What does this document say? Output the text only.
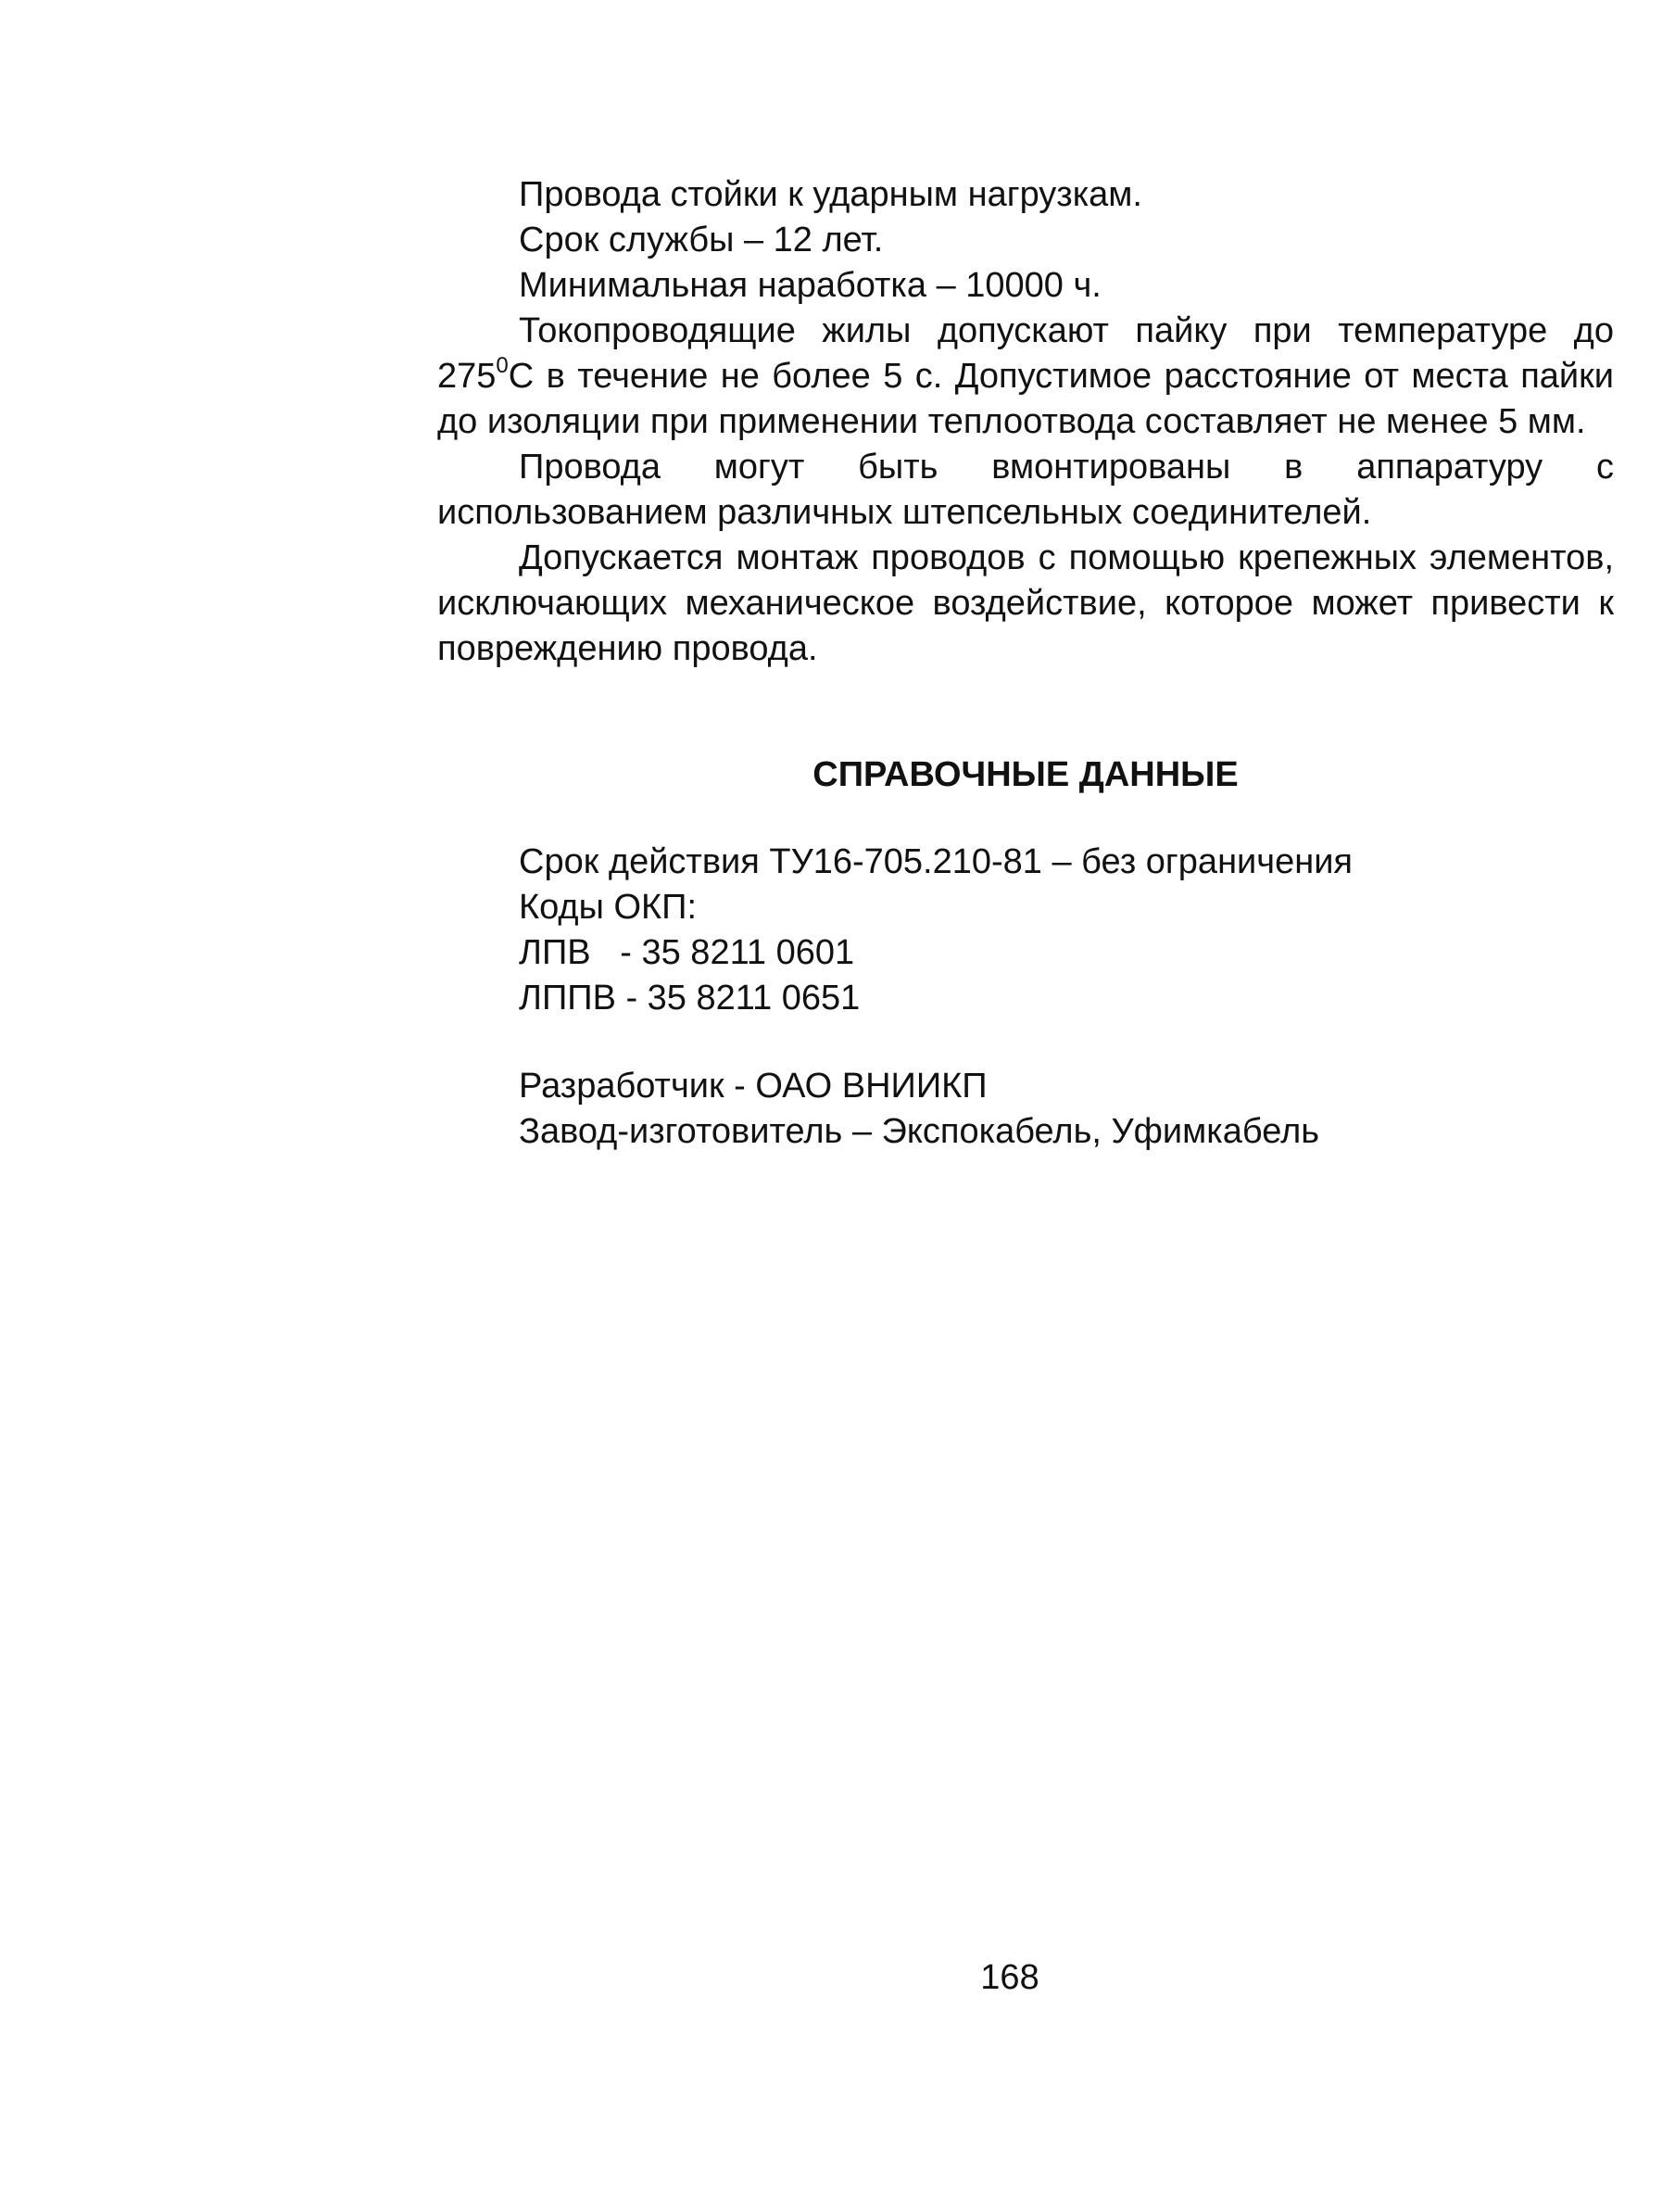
Провода стойки к ударным нагрузкам.

Срок службы – 12 лет.

Минимальная наработка – 10000 ч.

Токопроводящие жилы допускают пайку при температуре до $275^0С$ в течение не более 5 с. Допустимое расстояние от места пайки до изоляции при применении теплоотвода составляет не менее 5 мм.

Провода могут быть вмонтированы в аппаратуру с использованием различных штепсельных соединителей.

Допускается монтаж проводов с помощью крепежных элементов, исключающих механическое воздействие, которое может привести к повреждению провода.

СПРАВОЧНЫЕ ДАННЫЕ

Срок действия ТУ16-705.210-81 – без ограничения

Коды ОКП:

ЛПВ   - 35 8211 0601

ЛППВ - 35 8211 0651

Разработчик - ОАО ВНИИКП

Завод-изготовитель – Экспокабель, Уфимкабель

168
